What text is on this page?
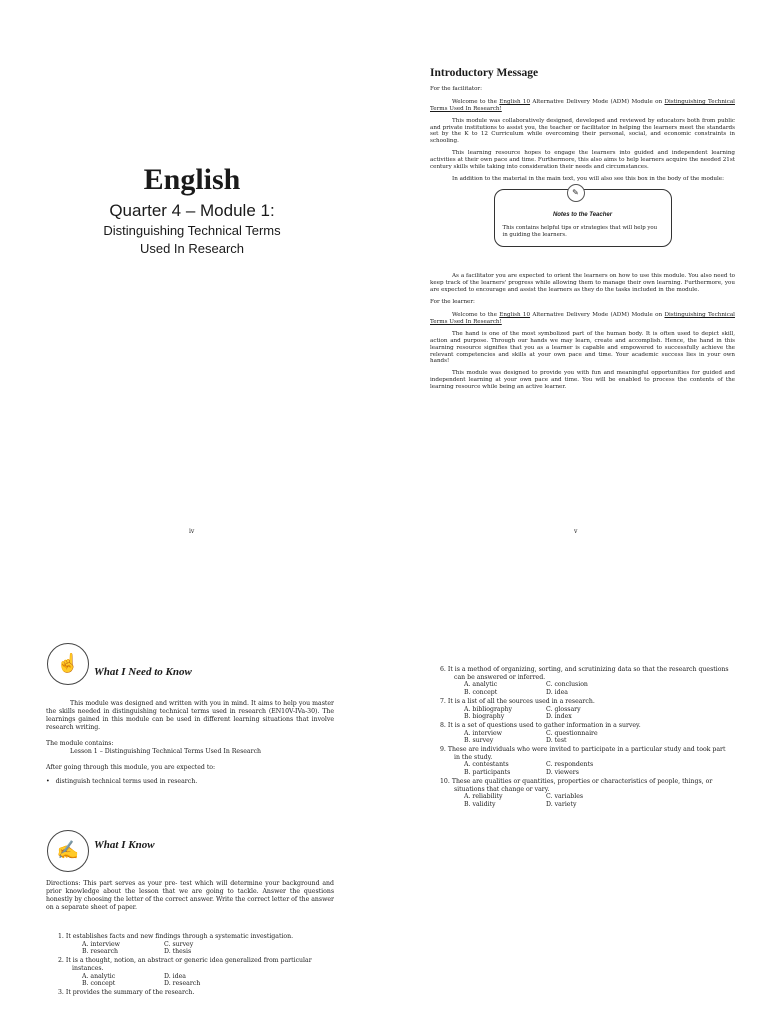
English
Quarter 4 – Module 1:
Distinguishing Technical Terms
Used In Research
iv
Introductory Message

For the facilitator:

Welcome to the English 10 Alternative Delivery Mode (ADM) Module on Distinguishing Technical Terms Used In Research!

This module was collaboratively designed, developed and reviewed by educators both from public and private institutions to assist you, the teacher or facilitator in helping the learners meet the standards set by the K to 12 Curriculum while overcoming their personal, social, and economic constraints in schooling.

This learning resource hopes to engage the learners into guided and independent learning activities at their own pace and time. Furthermore, this also aims to help learners acquire the needed 21st century skills while taking into consideration their needs and circumstances.

In addition to the material in the main text, you will also see this box in the body of the module:

✎
Notes to the Teacher
This contains helpful tips or strategies that will help you in guiding the learners.

As a facilitator you are expected to orient the learners on how to use this module. You also need to keep track of the learners' progress while allowing them to manage their own learning. Furthermore, you are expected to encourage and assist the learners as they do the tasks included in the module.

For the learner:

Welcome to the English 10 Alternative Delivery Mode (ADM) Module on Distinguishing Technical Terms Used In Research!

The hand is one of the most symbolized part of the human body. It is often used to depict skill, action and purpose. Through our hands we may learn, create and accomplish. Hence, the hand in this learning resource signifies that you as a learner is capable and empowered to successfully achieve the relevant competencies and skills at your own pace and time. Your academic success lies in your own hands!

This module was designed to provide you with fun and meaningful opportunities for guided and independent learning at your own pace and time. You will be enabled to process the contents of the learning resource while being an active learner.

v
☝	What I Need to Know

This module was designed and written with you in mind. It aims to help you master the skills needed in distinguishing technical terms used in research (EN10V-IVa-30). The learnings gained in this module can be used in different learning situations that involve research writing.

The module contains:

Lesson 1 – Distinguishing Technical Terms Used In Research

After going through this module, you are expected to:

•   distinguish technical terms used in research.

✍	What I Know

Directions: This part serves as your pre- test which will determine your background and prior knowledge about the lesson that we are going to tackle. Answer the questions honestly by choosing the letter of the correct answer. Write the correct letter of the answer on a separate sheet of paper.

1. It establishes facts and new findings through a systematic investigation.
A. interview	C. survey
B. research	D. thesis
2. It is a thought, notion, an abstract or generic idea generalized from particular instances.
A. analytic	D. idea
B. concept	D. research
3. It provides the summary of the research.
6. It is a method of organizing, sorting, and scrutinizing data so that the research questions can be answered or inferred.
A. analytic	C. conclusion
B. concept	D. idea
7. It is a list of all the sources used in a research.
A. bibliography	C. glossary
B. biography	D. index
8. It is a set of questions used to gather information in a survey.
A. interview	C. questionnaire
B. survey	D. test
9. These are individuals who were invited to participate in a particular study and took part in the study.
A. contestants	C. respondents
B. participants	D. viewers
10. These are qualities or quantities, properties or characteristics of people, things, or situations that change or vary.
A. reliability	C. variables
B. validity	D. variety
